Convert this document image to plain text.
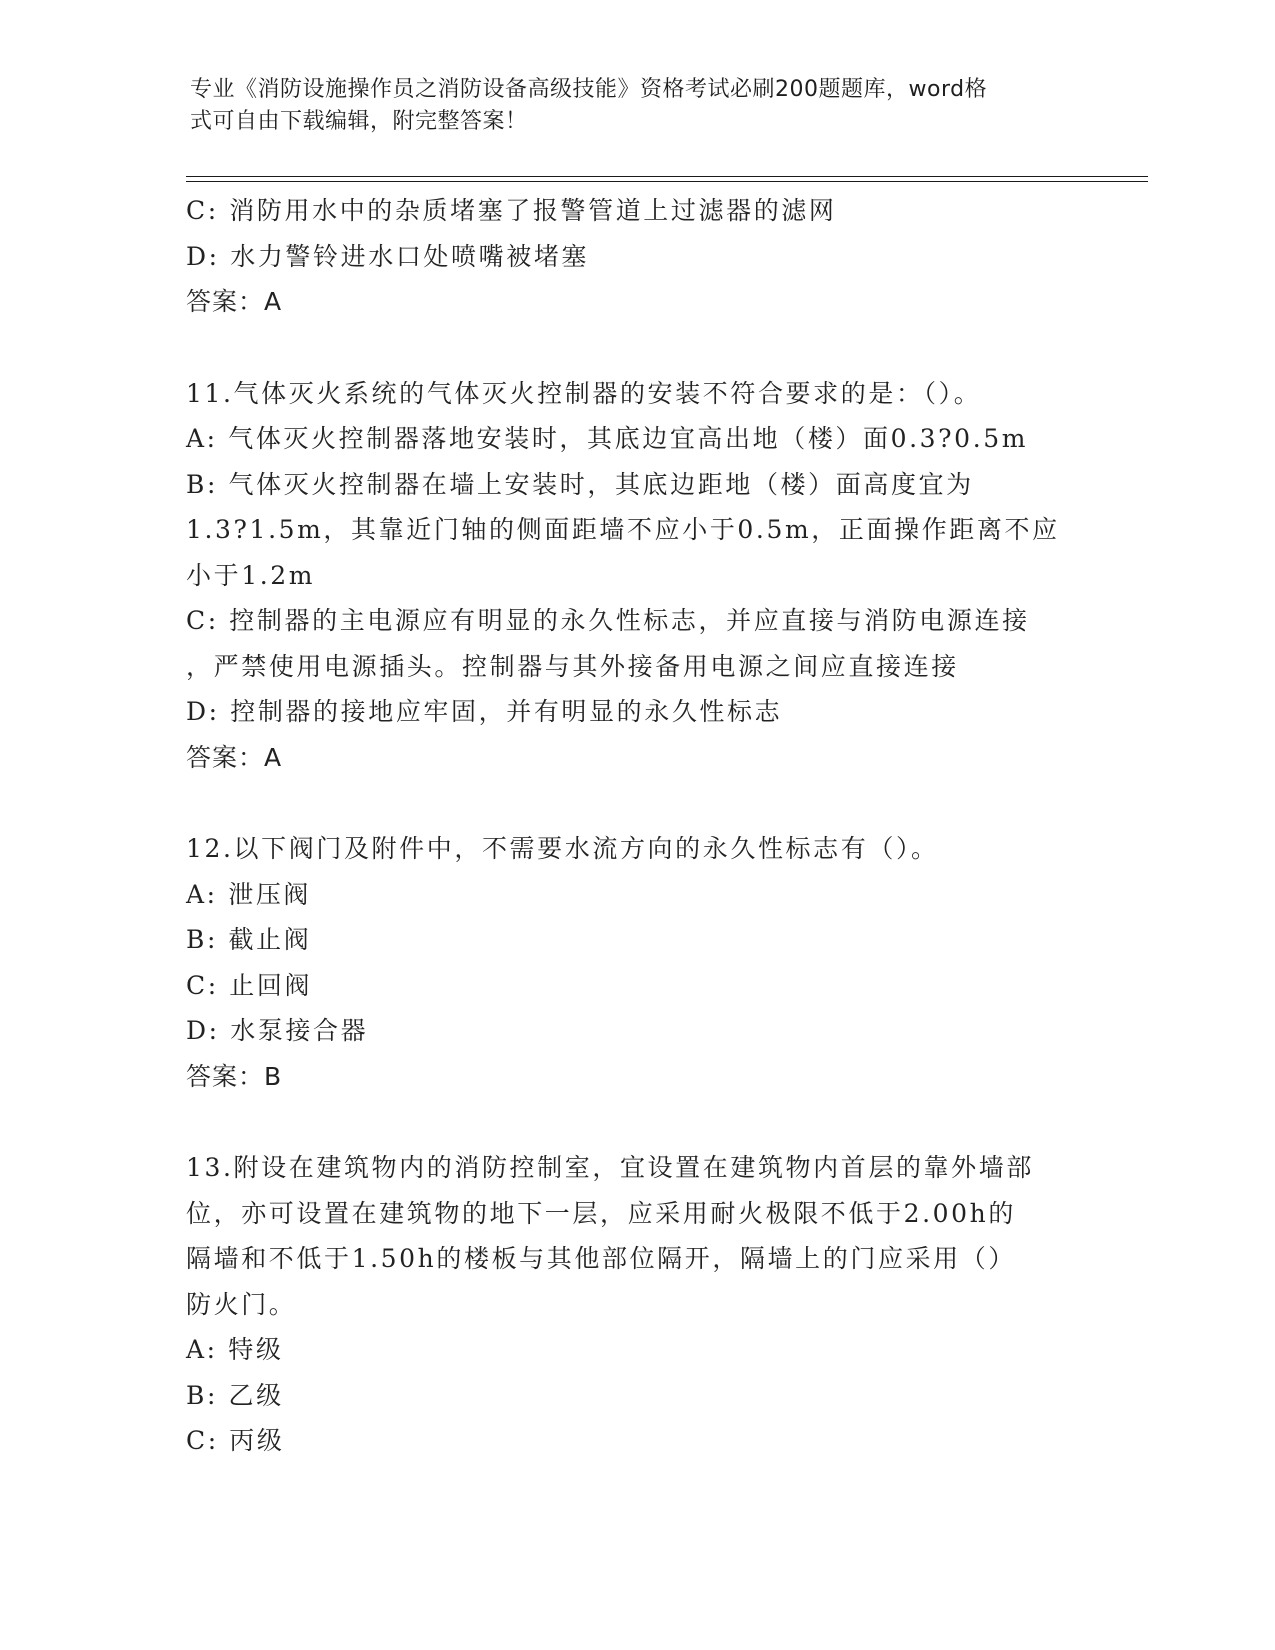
专业《消防设施操作员之消防设备高级技能》资格考试必刷200题题库，word格
式可自由下载编辑，附完整答案！
C: 消防用水中的杂质堵塞了报警管道上过滤器的滤网
D: 水力警铃进水口处喷嘴被堵塞
答案：A
11.气体灭火系统的气体灭火控制器的安装不符合要求的是：（）。
A: 气体灭火控制器落地安装时，其底边宜高出地（楼）面0.3?0.5m
B: 气体灭火控制器在墙上安装时，其底边距地（楼）面高度宜为
1.3?1.5m，其靠近门轴的侧面距墙不应小于0.5m，正面操作距离不应
小于1.2m
C: 控制器的主电源应有明显的永久性标志，并应直接与消防电源连接
，严禁使用电源插头。控制器与其外接备用电源之间应直接连接
D: 控制器的接地应牢固，并有明显的永久性标志
答案：A
12.以下阀门及附件中，不需要水流方向的永久性标志有（）。
A: 泄压阀
B: 截止阀
C: 止回阀
D: 水泵接合器
答案：B
13.附设在建筑物内的消防控制室，宜设置在建筑物内首层的靠外墙部
位，亦可设置在建筑物的地下一层，应采用耐火极限不低于2.00h的
隔墙和不低于1.50h的楼板与其他部位隔开，隔墙上的门应采用（）
防火门。
A: 特级
B: 乙级
C: 丙级
